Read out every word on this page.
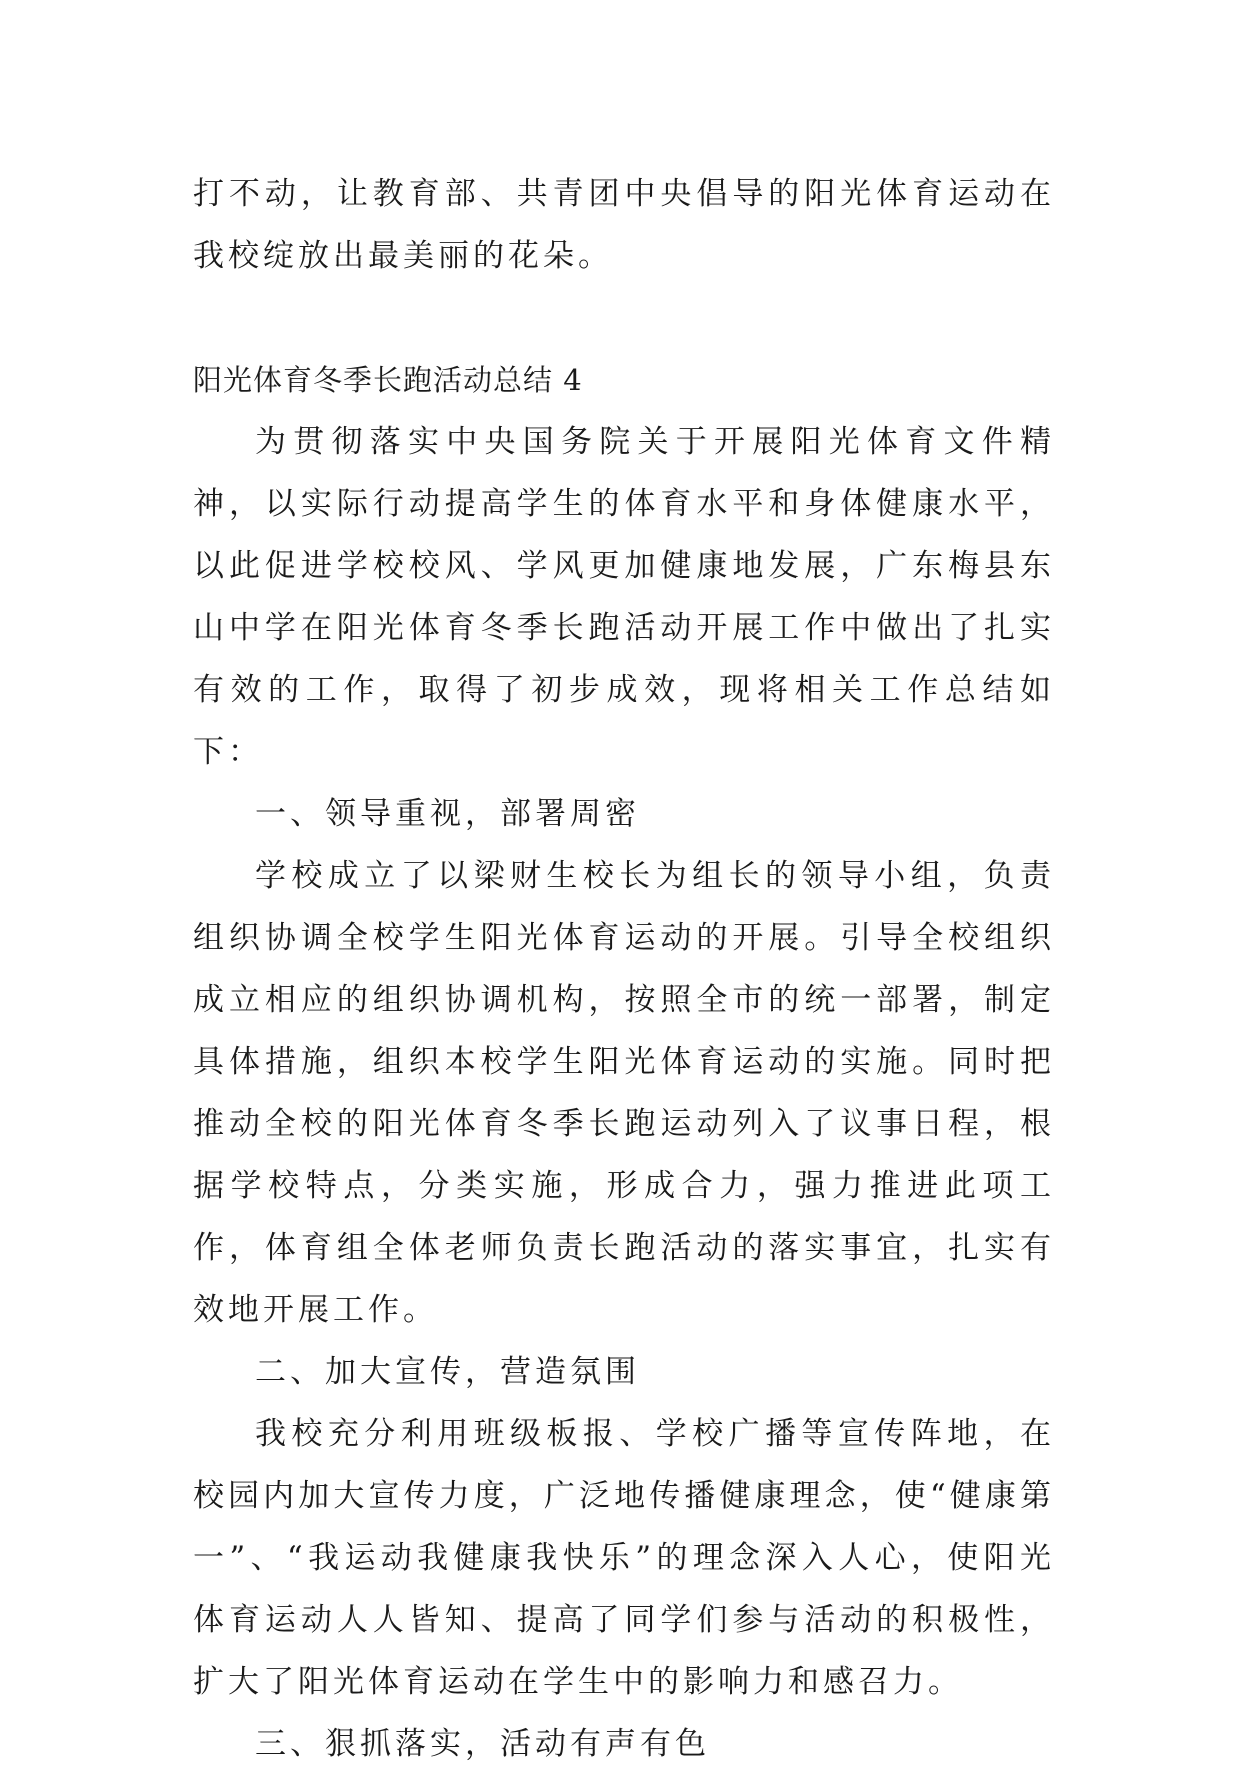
打不动，让教育部、共青团中央倡导的阳光体育运动在我校绽放出最美丽的花朵。

阳光体育冬季长跑活动总结 4

为贯彻落实中央国务院关于开展阳光体育文件精神，以实际行动提高学生的体育水平和身体健康水平，以此促进学校校风、学风更加健康地发展，广东梅县东山中学在阳光体育冬季长跑活动开展工作中做出了扎实有效的工作，取得了初步成效，现将相关工作总结如下：

一、领导重视，部署周密

学校成立了以梁财生校长为组长的领导小组，负责组织协调全校学生阳光体育运动的开展。引导全校组织成立相应的组织协调机构，按照全市的统一部署，制定具体措施，组织本校学生阳光体育运动的实施。同时把推动全校的阳光体育冬季长跑运动列入了议事日程，根据学校特点，分类实施，形成合力，强力推进此项工作，体育组全体老师负责长跑活动的落实事宜，扎实有效地开展工作。

二、加大宣传，营造氛围

我校充分利用班级板报、学校广播等宣传阵地，在校园内加大宣传力度，广泛地传播健康理念，使“健康第一”、“我运动我健康我快乐”的理念深入人心，使阳光体育运动人人皆知、提高了同学们参与活动的积极性，扩大了阳光体育运动在学生中的影响力和感召力。

三、狠抓落实，活动有声有色
